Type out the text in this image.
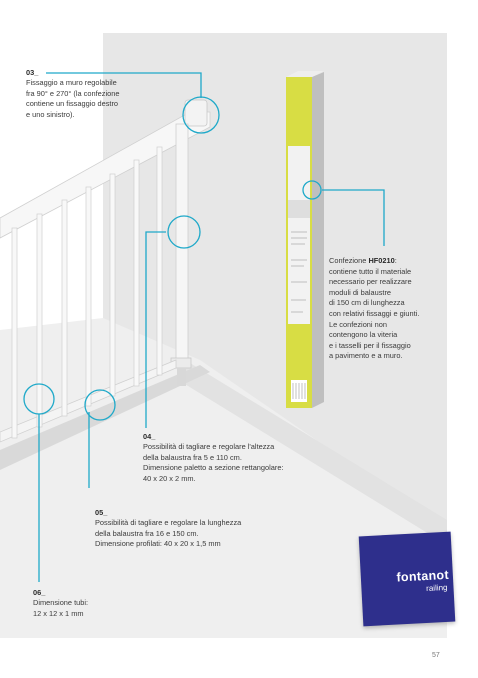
03_
Fissaggio a muro regolabile
fra 90° e 270° (la confezione
contiene un fissaggio destro
e uno sinistro).
Confezione HF0210:
contiene tutto il materiale
necessario per realizzare
moduli di balaustre
di 150 cm di lunghezza
con relativi fissaggi e giunti.
Le confezioni non
contengono la viteria
e i tasselli per il fissaggio
a pavimento e a muro.
04_
Possibilità di tagliare e regolare l'altezza
della balaustra fra 5 e 110 cm.
Dimensione paletto a sezione rettangolare:
40 x 20 x 2 mm.
05_
Possibilità di tagliare e regolare la lunghezza
della balaustra fra 16 e 150 cm.
Dimensione profilati: 40 x 20 x 1,5 mm
06_
Dimensione tubi:
12 x 12 x 1 mm
fontanot
railing
57
